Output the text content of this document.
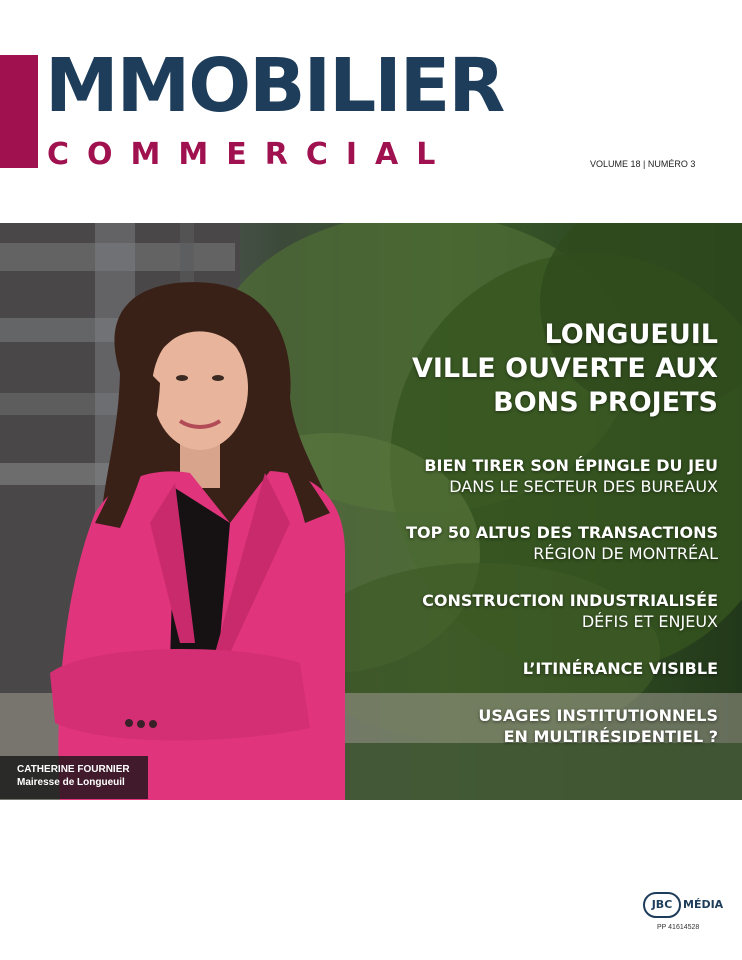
MMOBILIER
COMMERCIAL	VOLUME 18 | NUMÉRO 3
LONGUEUIL
VILLE OUVERTE AUX
BONS PROJETS
BIEN TIRER SON ÉPINGLE DU JEU
DANS LE SECTEUR DES BUREAUX
TOP 50 ALTUS DES TRANSACTIONS
RÉGION DE MONTRÉAL
CONSTRUCTION INDUSTRIALISÉE
DÉFIS ET ENJEUX
L’ITINÉRANCE VISIBLE
USAGES INSTITUTIONNELS
EN MULTIRÉSIDENTIEL ?
CATHERINE FOURNIER
Mairesse de Longueuil
JBC MÉDIA
PP 41614528
